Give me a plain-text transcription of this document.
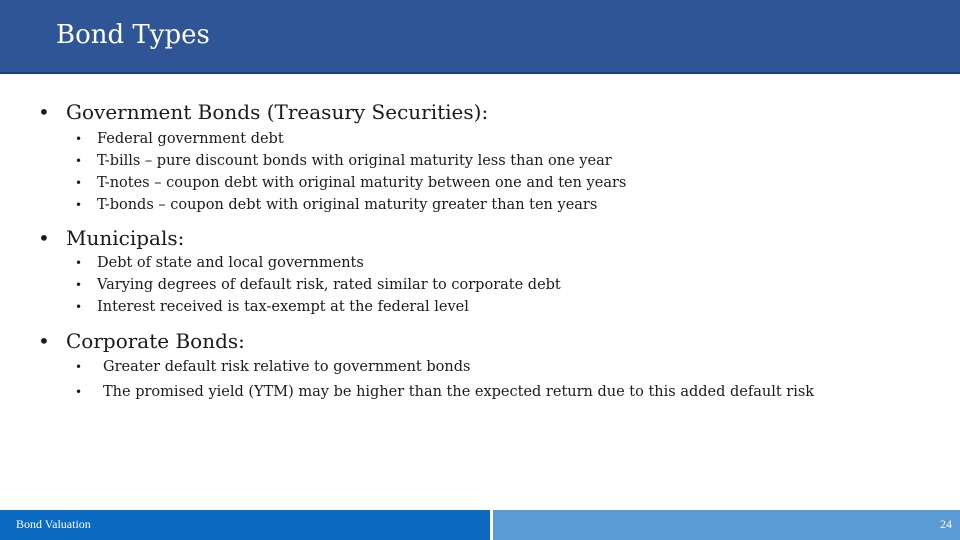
Bond Types
• Government Bonds (Treasury Securities):
• Federal government debt
• T-bills – pure discount bonds with original maturity less than one year
• T-notes – coupon debt with original maturity between one and ten years
• T-bonds – coupon debt with original maturity greater than ten years
• Municipals:
• Debt of state and local governments
• Varying degrees of default risk, rated similar to corporate debt
• Interest received is tax-exempt at the federal level
• Corporate Bonds:
• Greater default risk relative to government bonds
• The promised yield (YTM) may be higher than the expected return due to this added default risk
Bond Valuation	24
